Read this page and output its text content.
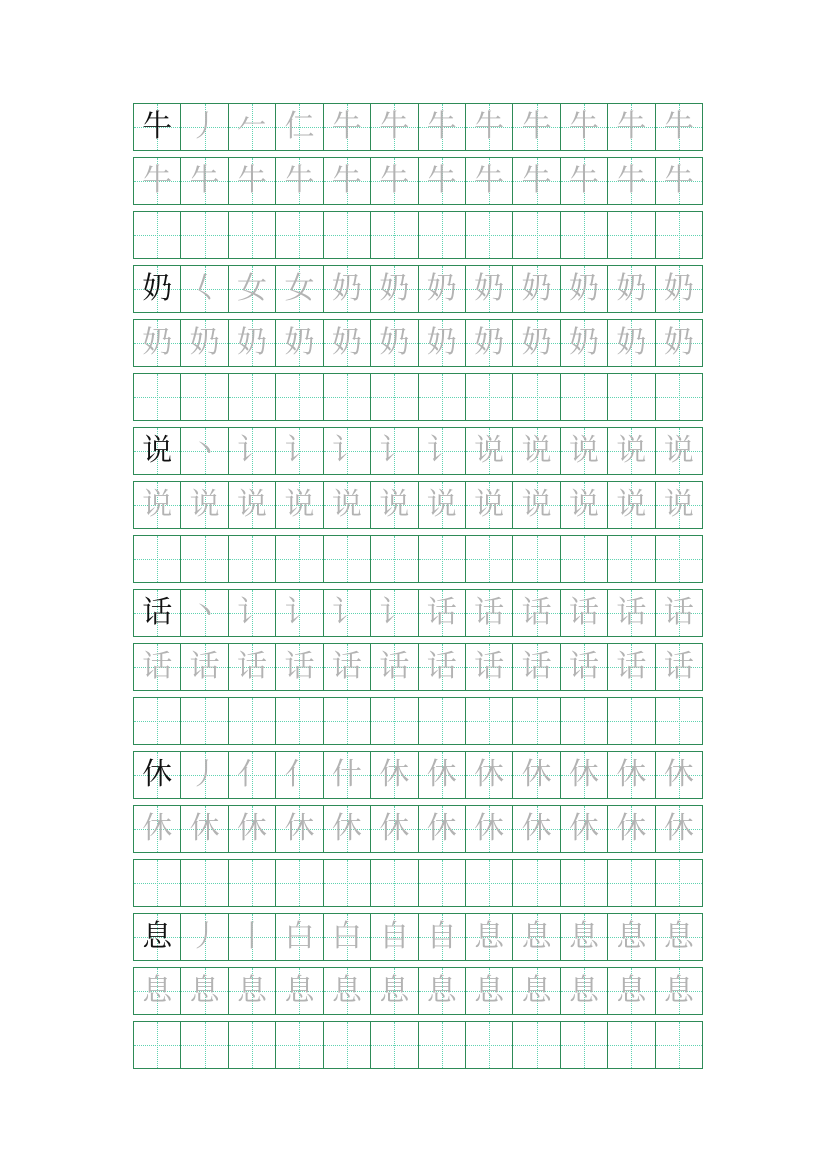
牛 丿 𠂉 仁 牛 牛 牛 牛 牛 牛 牛 牛
牛 牛 牛 牛 牛 牛 牛 牛 牛 牛 牛 牛
奶 𡿨 女 女 奶 奶 奶 奶 奶 奶 奶 奶
奶 奶 奶 奶 奶 奶 奶 奶 奶 奶 奶 奶
说 丶 讠 讠 讠 讠 讠 说 说 说 说 说
说 说 说 说 说 说 说 说 说 说 说 说
话 丶 讠 讠 讠 讠 话 话 话 话 话 话
话 话 话 话 话 话 话 话 话 话 话 话
休 丿 亻 亻 什 休 休 休 休 休 休 休
休 休 休 休 休 休 休 休 休 休 休 休
息 丿 丨 白 白 自 自 息 息 息 息 息
息 息 息 息 息 息 息 息 息 息 息 息
